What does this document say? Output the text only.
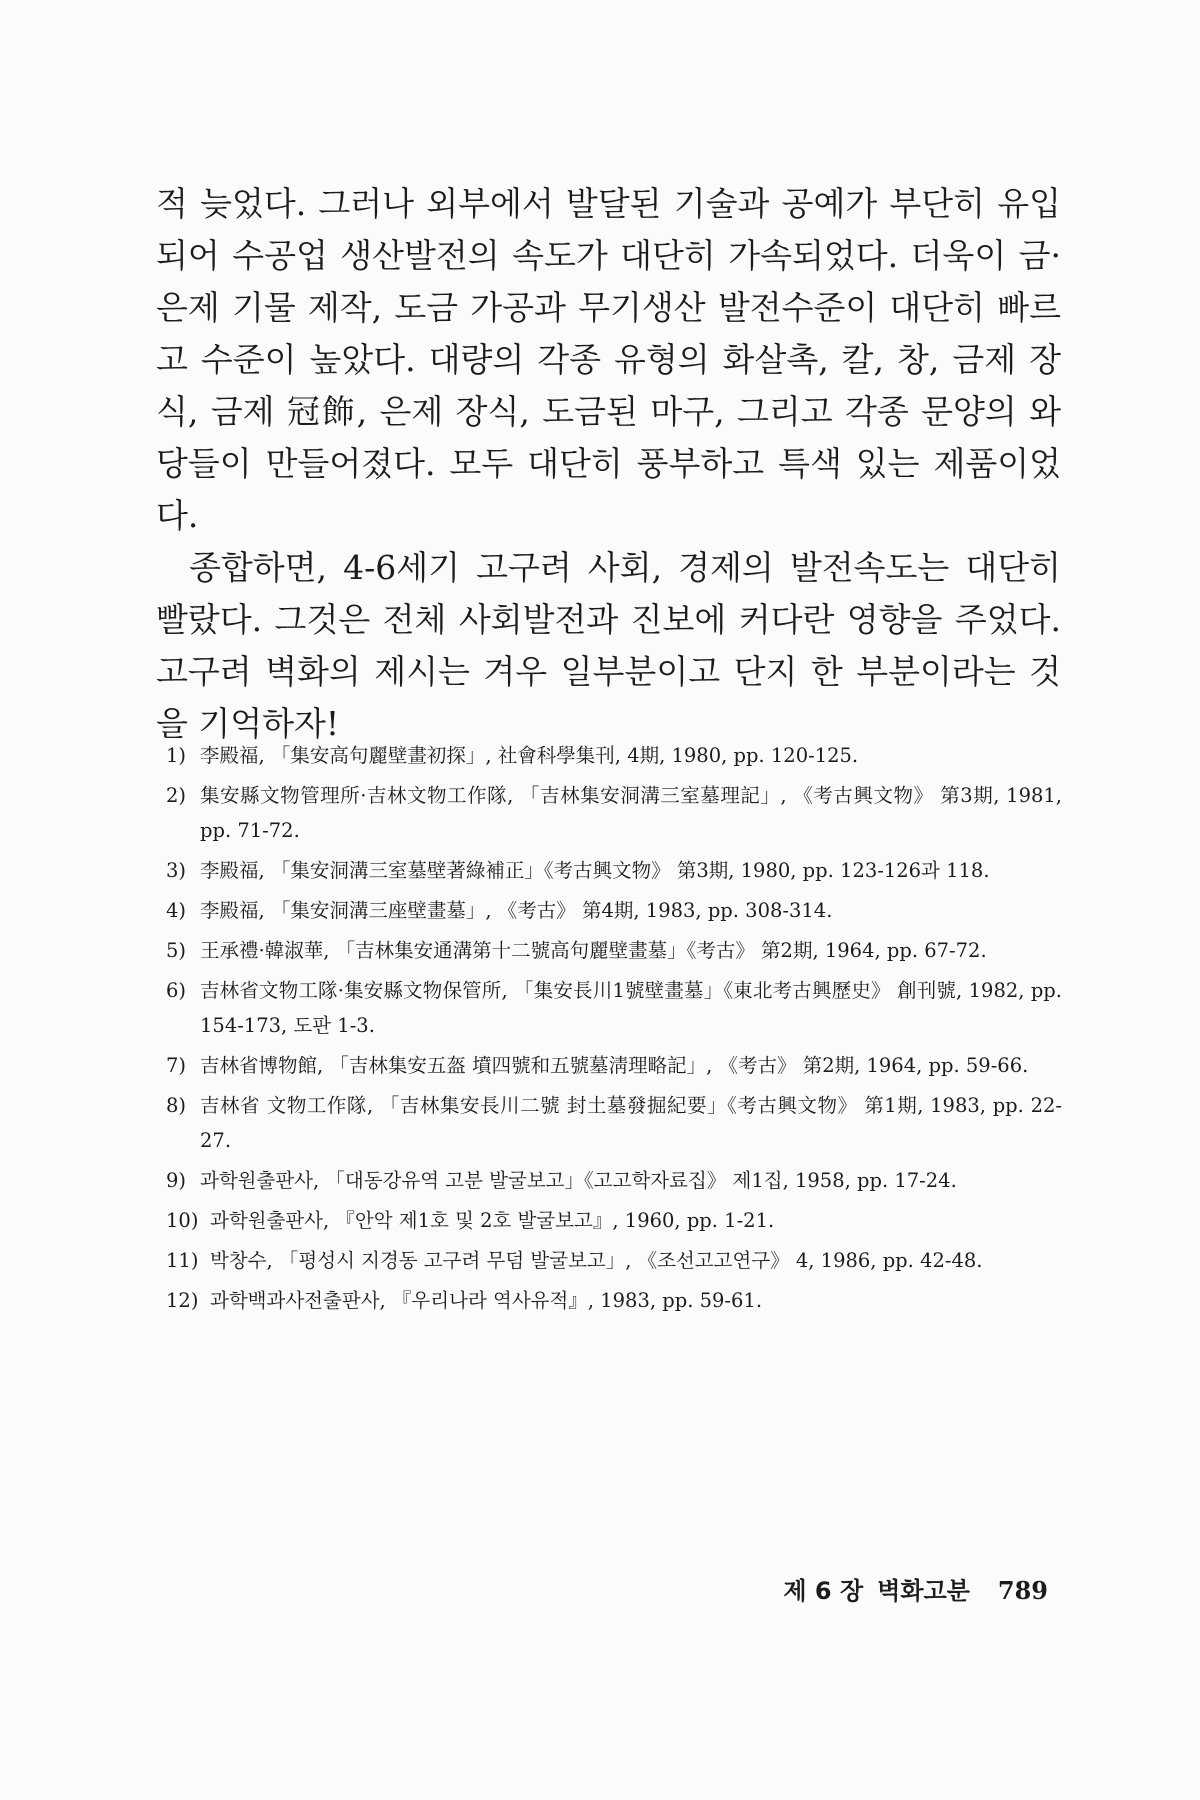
적 늦었다. 그러나 외부에서 발달된 기술과 공예가 부단히 유입되어 수공업 생산발전의 속도가 대단히 가속되었다. 더욱이 금·은제 기물 제작, 도금 가공과 무기생산 발전수준이 대단히 빠르고 수준이 높았다. 대량의 각종 유형의 화살촉, 칼, 창, 금제 장식, 금제 冠飾, 은제 장식, 도금된 마구, 그리고 각종 문양의 와당들이 만들어졌다. 모두 대단히 풍부하고 특색 있는 제품이었다.

종합하면, 4-6세기 고구려 사회, 경제의 발전속도는 대단히 빨랐다. 그것은 전체 사회발전과 진보에 커다란 영향을 주었다. 고구려 벽화의 제시는 겨우 일부분이고 단지 한 부분이라는 것을 기억하자!

1) 李殿福, 「集安高句麗壁畫初探」, 社會科學集刊, 4期, 1980, pp. 120-125.
2) 集安縣文物管理所·吉林文物工作隊, 「吉林集安洞溝三室墓理記」, 《考古興文物》 第3期, 1981, pp. 71-72.
3) 李殿福, 「集安洞溝三室墓壁著綠補正」《考古興文物》 第3期, 1980, pp. 123-126과 118.
4) 李殿福, 「集安洞溝三座壁畫墓」, 《考古》 第4期, 1983, pp. 308-314.
5) 王承禮·韓淑華, 「吉林集安通溝第十二號高句麗壁畫墓」《考古》 第2期, 1964, pp. 67-72.
6) 吉林省文物工隊·集安縣文物保管所, 「集安長川1號壁畫墓」《東北考古興歷史》 創刊號, 1982, pp. 154-173, 도판 1-3.
7) 吉林省博物館, 「吉林集安五盔 墳四號和五號墓淸理略記」, 《考古》 第2期, 1964, pp. 59-66.
8) 吉林省 文物工作隊, 「吉林集安長川二號 封土墓發掘紀要」《考古興文物》 第1期, 1983, pp. 22-27.
9) 과학원출판사, 「대동강유역 고분 발굴보고」《고고학자료집》 제1집, 1958, pp. 17-24.
10) 과학원출판사, 『안악 제1호 및 2호 발굴보고』, 1960, pp. 1-21.
11) 박창수, 「평성시 지경동 고구려 무덤 발굴보고」, 《조선고고연구》 4, 1986, pp. 42-48.
12) 과학백과사전출판사, 『우리나라 역사유적』, 1983, pp. 59-61.
제 6 장 벽화고분 789
